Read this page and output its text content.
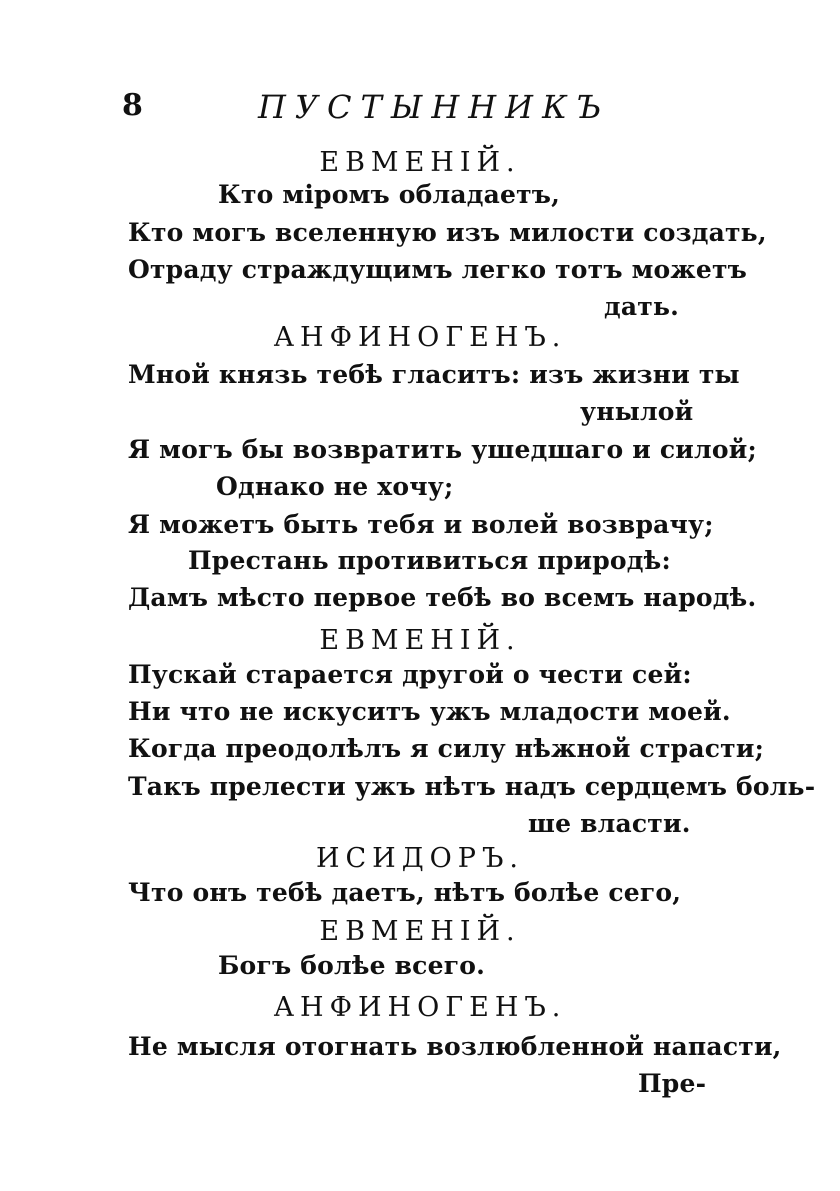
8	ПУСТЫННИКЪ
ЕВМЕНІЙ.
Кто міромъ обладаетъ,
Кто могъ вселенную изъ милости создать,
Отраду страждущимъ легко тотъ можетъ
дать.
АНФИНОГЕНЪ.
Мной князь тебѣ гласитъ: изъ жизни ты
унылой
Я могъ бы возвратить ушедшаго и силой;
Однако не хочу;
Я можетъ быть тебя и волей возврачу;
Престань противиться природѣ:
Дамъ мѣсто первое тебѣ во всемъ народѣ.
ЕВМЕНІЙ.
Пускай старается другой о чести сей:
Ни что не искуситъ ужъ младости моей.
Когда преодолѣлъ я силу нѣжной страсти;
Такъ прелести ужъ нѣтъ надъ сердцемъ боль-
ше власти.
ИСИДОРЪ.
Что онъ тебѣ даетъ, нѣтъ болѣе сего,
ЕВМЕНІЙ.
Богъ болѣе всего.
АНФИНОГЕНЪ.
Не мысля отогнать возлюбленной напасти,
Пре-
